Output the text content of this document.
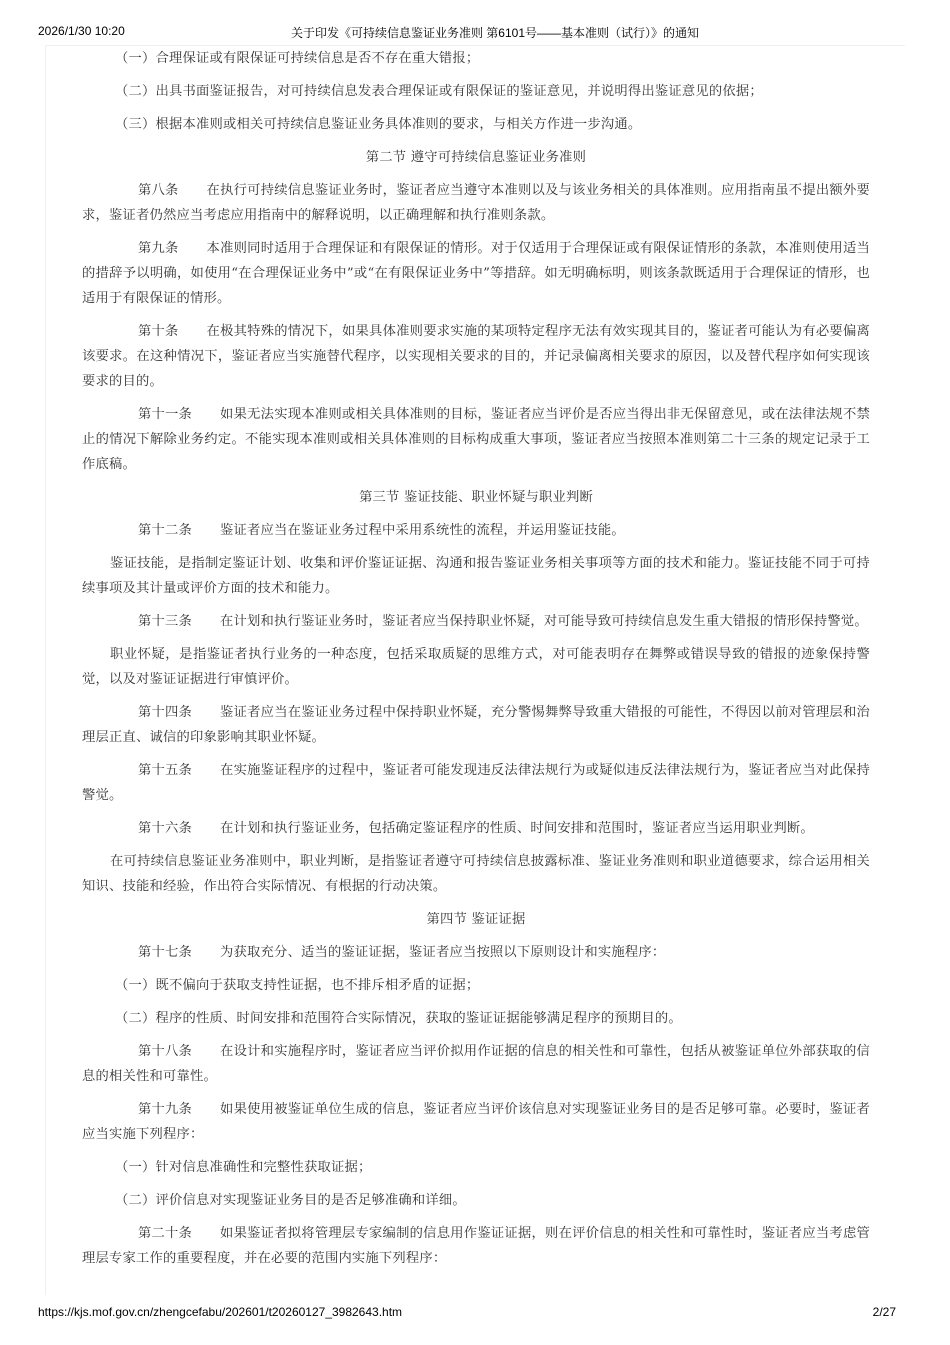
2026/1/30 10:20	关于印发《可持续信息鉴证业务准则 第6101号——基本准则（试行）》的通知

（一）合理保证或有限保证可持续信息是否不存在重大错报；

（二）出具书面鉴证报告，对可持续信息发表合理保证或有限保证的鉴证意见，并说明得出鉴证意见的依据；

（三）根据本准则或相关可持续信息鉴证业务具体准则的要求，与相关方作进一步沟通。

第二节 遵守可持续信息鉴证业务准则

第八条 在执行可持续信息鉴证业务时，鉴证者应当遵守本准则以及与该业务相关的具体准则。应用指南虽不提出额外要求，鉴证者仍然应当考虑应用指南中的解释说明，以正确理解和执行准则条款。

第九条 本准则同时适用于合理保证和有限保证的情形。对于仅适用于合理保证或有限保证情形的条款，本准则使用适当的措辞予以明确，如使用“在合理保证业务中”或“在有限保证业务中”等措辞。如无明确标明，则该条款既适用于合理保证的情形，也适用于有限保证的情形。

第十条 在极其特殊的情况下，如果具体准则要求实施的某项特定程序无法有效实现其目的，鉴证者可能认为有必要偏离该要求。在这种情况下，鉴证者应当实施替代程序，以实现相关要求的目的，并记录偏离相关要求的原因，以及替代程序如何实现该要求的目的。

第十一条 如果无法实现本准则或相关具体准则的目标，鉴证者应当评价是否应当得出非无保留意见，或在法律法规不禁止的情况下解除业务约定。不能实现本准则或相关具体准则的目标构成重大事项，鉴证者应当按照本准则第二十三条的规定记录于工作底稿。

第三节 鉴证技能、职业怀疑与职业判断

第十二条 鉴证者应当在鉴证业务过程中采用系统性的流程，并运用鉴证技能。

鉴证技能，是指制定鉴证计划、收集和评价鉴证证据、沟通和报告鉴证业务相关事项等方面的技术和能力。鉴证技能不同于可持续事项及其计量或评价方面的技术和能力。

第十三条 在计划和执行鉴证业务时，鉴证者应当保持职业怀疑，对可能导致可持续信息发生重大错报的情形保持警觉。

职业怀疑，是指鉴证者执行业务的一种态度，包括采取质疑的思维方式，对可能表明存在舞弊或错误导致的错报的迹象保持警觉，以及对鉴证证据进行审慎评价。

第十四条 鉴证者应当在鉴证业务过程中保持职业怀疑，充分警惕舞弊导致重大错报的可能性，不得因以前对管理层和治理层正直、诚信的印象影响其职业怀疑。

第十五条 在实施鉴证程序的过程中，鉴证者可能发现违反法律法规行为或疑似违反法律法规行为，鉴证者应当对此保持警觉。

第十六条 在计划和执行鉴证业务，包括确定鉴证程序的性质、时间安排和范围时，鉴证者应当运用职业判断。

在可持续信息鉴证业务准则中，职业判断，是指鉴证者遵守可持续信息披露标准、鉴证业务准则和职业道德要求，综合运用相关知识、技能和经验，作出符合实际情况、有根据的行动决策。

第四节 鉴证证据

第十七条 为获取充分、适当的鉴证证据，鉴证者应当按照以下原则设计和实施程序：

（一）既不偏向于获取支持性证据，也不排斥相矛盾的证据；

（二）程序的性质、时间安排和范围符合实际情况，获取的鉴证证据能够满足程序的预期目的。

第十八条 在设计和实施程序时，鉴证者应当评价拟用作证据的信息的相关性和可靠性，包括从被鉴证单位外部获取的信息的相关性和可靠性。

第十九条 如果使用被鉴证单位生成的信息，鉴证者应当评价该信息对实现鉴证业务目的是否足够可靠。必要时，鉴证者应当实施下列程序：

（一）针对信息准确性和完整性获取证据；

（二）评价信息对实现鉴证业务目的是否足够准确和详细。

第二十条 如果鉴证者拟将管理层专家编制的信息用作鉴证证据，则在评价信息的相关性和可靠性时，鉴证者应当考虑管理层专家工作的重要程度，并在必要的范围内实施下列程序：

https://kjs.mof.gov.cn/zhengcefabu/202601/t20260127_3982643.htm	2/27
